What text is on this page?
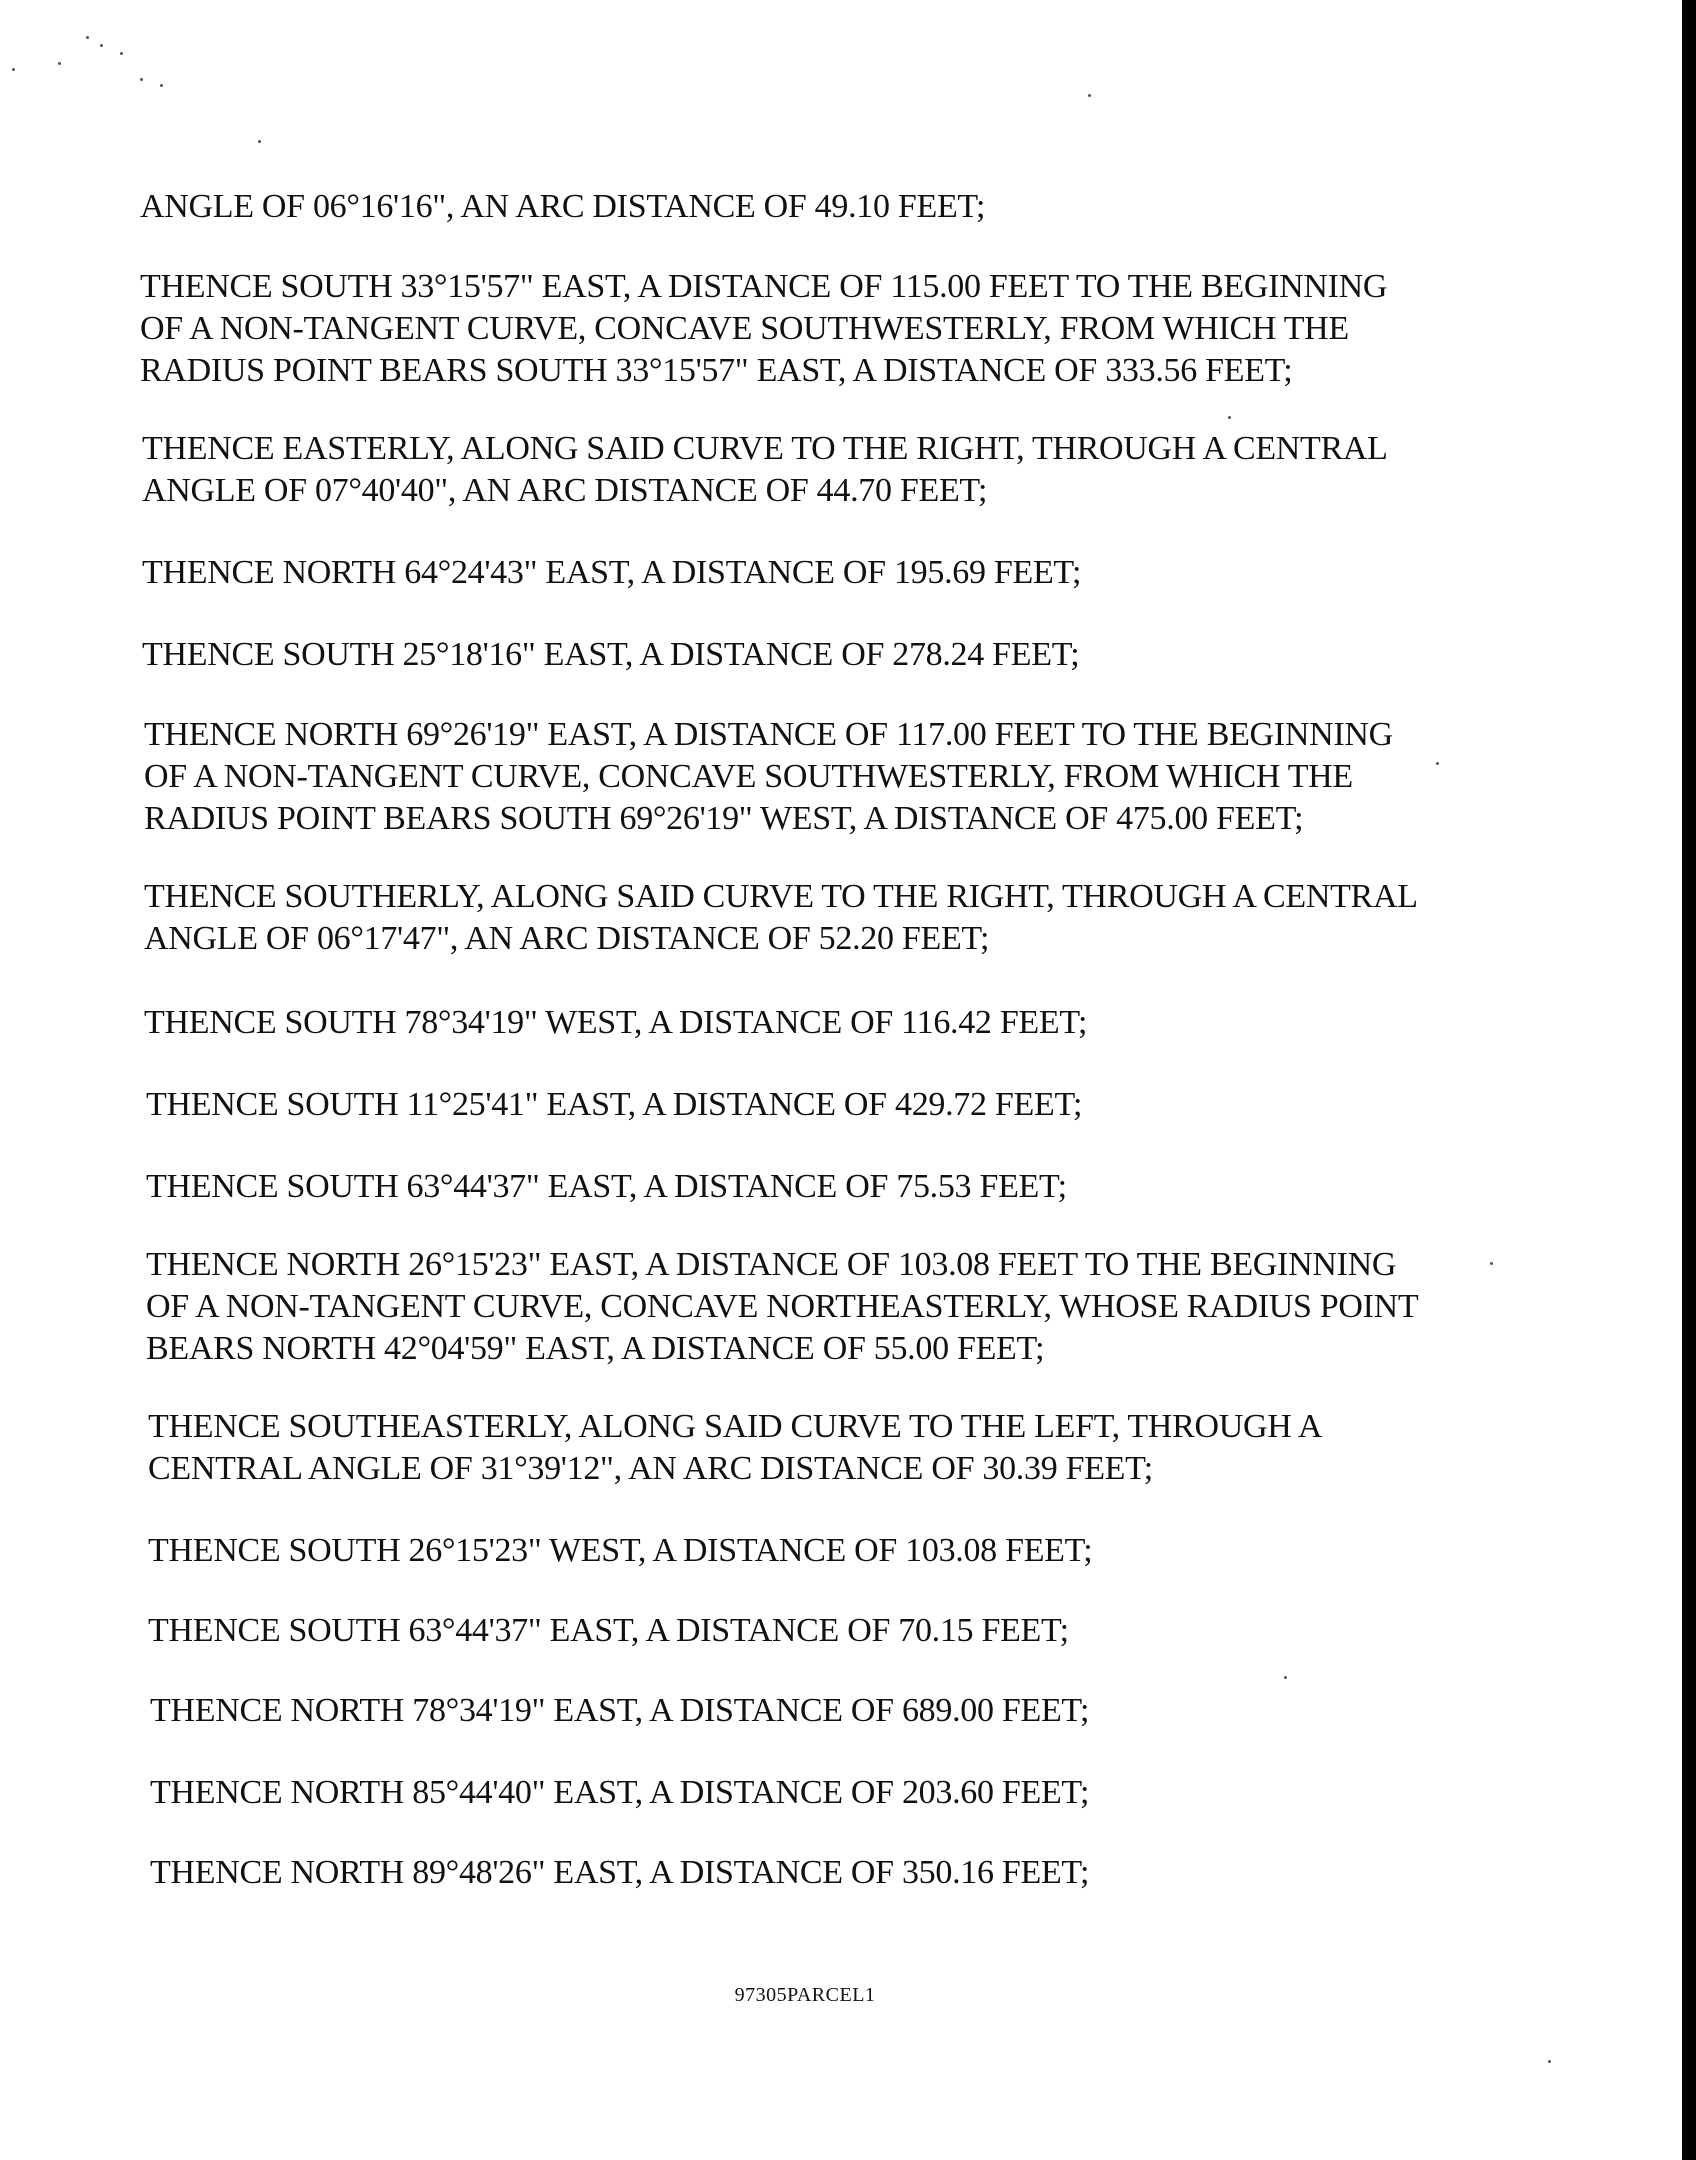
ANGLE OF 06°16'16", AN ARC DISTANCE OF 49.10 FEET;

THENCE SOUTH 33°15'57" EAST, A DISTANCE OF 115.00 FEET TO THE BEGINNING
OF A NON-TANGENT CURVE, CONCAVE SOUTHWESTERLY, FROM WHICH THE
RADIUS POINT BEARS SOUTH 33°15'57" EAST, A DISTANCE OF 333.56 FEET;

THENCE EASTERLY, ALONG SAID CURVE TO THE RIGHT, THROUGH A CENTRAL
ANGLE OF 07°40'40", AN ARC DISTANCE OF 44.70 FEET;

THENCE NORTH 64°24'43" EAST, A DISTANCE OF 195.69 FEET;

THENCE SOUTH 25°18'16" EAST, A DISTANCE OF 278.24 FEET;

THENCE NORTH 69°26'19" EAST, A DISTANCE OF 117.00 FEET TO THE BEGINNING
OF A NON-TANGENT CURVE, CONCAVE SOUTHWESTERLY, FROM WHICH THE
RADIUS POINT BEARS SOUTH 69°26'19" WEST, A DISTANCE OF 475.00 FEET;

THENCE SOUTHERLY, ALONG SAID CURVE TO THE RIGHT, THROUGH A CENTRAL
ANGLE OF 06°17'47", AN ARC DISTANCE OF 52.20 FEET;

THENCE SOUTH 78°34'19" WEST, A DISTANCE OF 116.42 FEET;

THENCE SOUTH 11°25'41" EAST, A DISTANCE OF 429.72 FEET;

THENCE SOUTH 63°44'37" EAST, A DISTANCE OF 75.53 FEET;

THENCE NORTH 26°15'23" EAST, A DISTANCE OF 103.08 FEET TO THE BEGINNING
OF A NON-TANGENT CURVE, CONCAVE NORTHEASTERLY, WHOSE RADIUS POINT
BEARS NORTH 42°04'59" EAST, A DISTANCE OF 55.00 FEET;

THENCE SOUTHEASTERLY, ALONG SAID CURVE TO THE LEFT, THROUGH A
CENTRAL ANGLE OF 31°39'12", AN ARC DISTANCE OF 30.39 FEET;

THENCE SOUTH 26°15'23" WEST, A DISTANCE OF 103.08 FEET;

THENCE SOUTH 63°44'37" EAST, A DISTANCE OF 70.15 FEET;

THENCE NORTH 78°34'19" EAST, A DISTANCE OF 689.00 FEET;

THENCE NORTH 85°44'40" EAST, A DISTANCE OF 203.60 FEET;

THENCE NORTH 89°48'26" EAST, A DISTANCE OF 350.16 FEET;

97305PARCEL1
